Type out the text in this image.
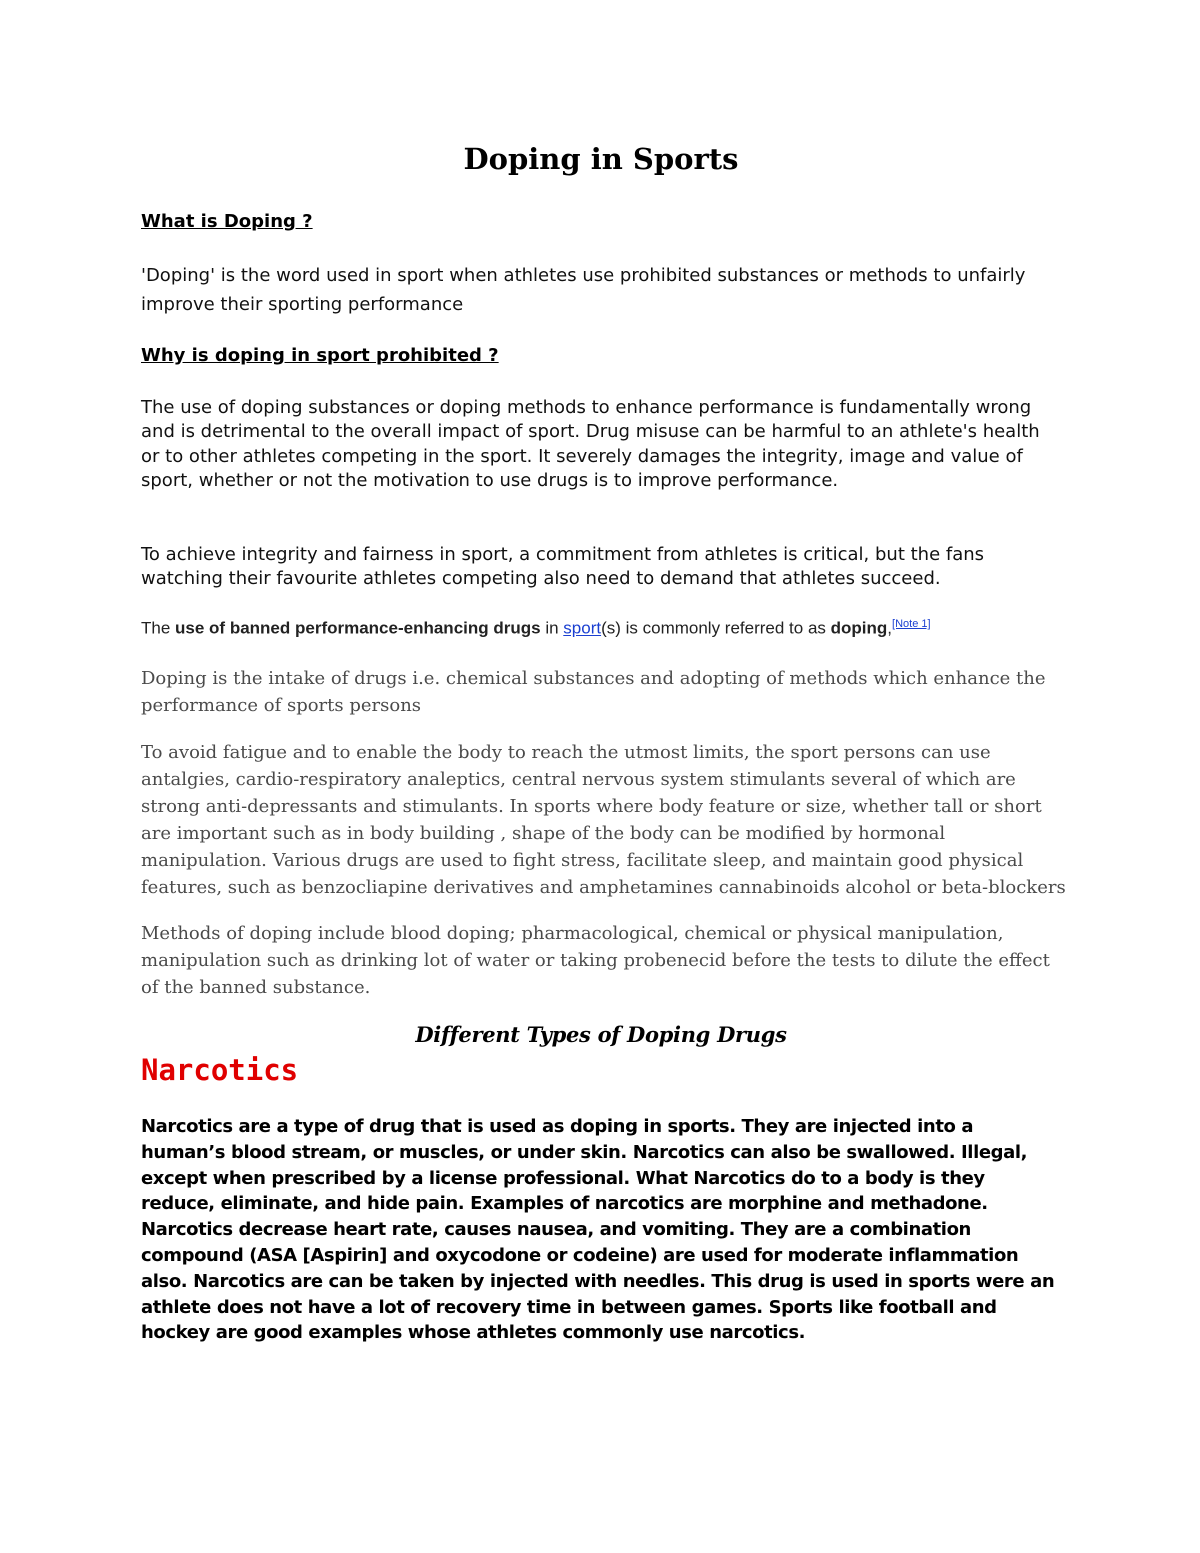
Doping in Sports

What is Doping ?

'Doping' is the word used in sport when athletes use prohibited substances or methods to unfairly improve their sporting performance

Why is doping in sport prohibited ?

The use of doping substances or doping methods to enhance performance is fundamentally wrong and is detrimental to the overall impact of sport. Drug misuse can be harmful to an athlete's health or to other athletes competing in the sport. It severely damages the integrity, image and value of sport, whether or not the motivation to use drugs is to improve performance.

To achieve integrity and fairness in sport, a commitment from athletes is critical, but the fans watching their favourite athletes competing also need to demand that athletes succeed.

The use of banned performance-enhancing drugs in sport(s) is commonly referred to as doping,[Note 1]

Doping is the intake of drugs i.e. chemical substances and adopting of methods which enhance the performance of sports persons

To avoid fatigue and to enable the body to reach the utmost limits, the sport persons can use antalgies, cardio-respiratory analeptics, central nervous system stimulants several of which are strong anti-depressants and stimulants. In sports where body feature or size, whether tall or short are important such as in body building , shape of the body can be modified by hormonal manipulation. Various drugs are used to fight stress, facilitate sleep, and maintain good physical features, such as benzocliapine derivatives and amphetamines cannabinoids alcohol or beta-blockers

Methods of doping include blood doping; pharmacological, chemical or physical manipulation, manipulation such as drinking lot of water or taking probenecid before the tests to dilute the effect of the banned substance.

Different Types of Doping Drugs

Narcotics

Narcotics are a type of drug that is used as doping in sports. They are injected into a human’s blood stream, or muscles, or under skin. Narcotics can also be swallowed. Illegal, except when prescribed by a license professional. What Narcotics do to a body is they reduce, eliminate, and hide pain. Examples of narcotics are morphine and methadone. Narcotics decrease heart rate, causes nausea, and vomiting. They are a combination compound (ASA [Aspirin] and oxycodone or codeine) are used for moderate inflammation also. Narcotics are can be taken by injected with needles. This drug is used in sports were an athlete does not have a lot of recovery time in between games. Sports like football and hockey are good examples whose athletes commonly use narcotics.
